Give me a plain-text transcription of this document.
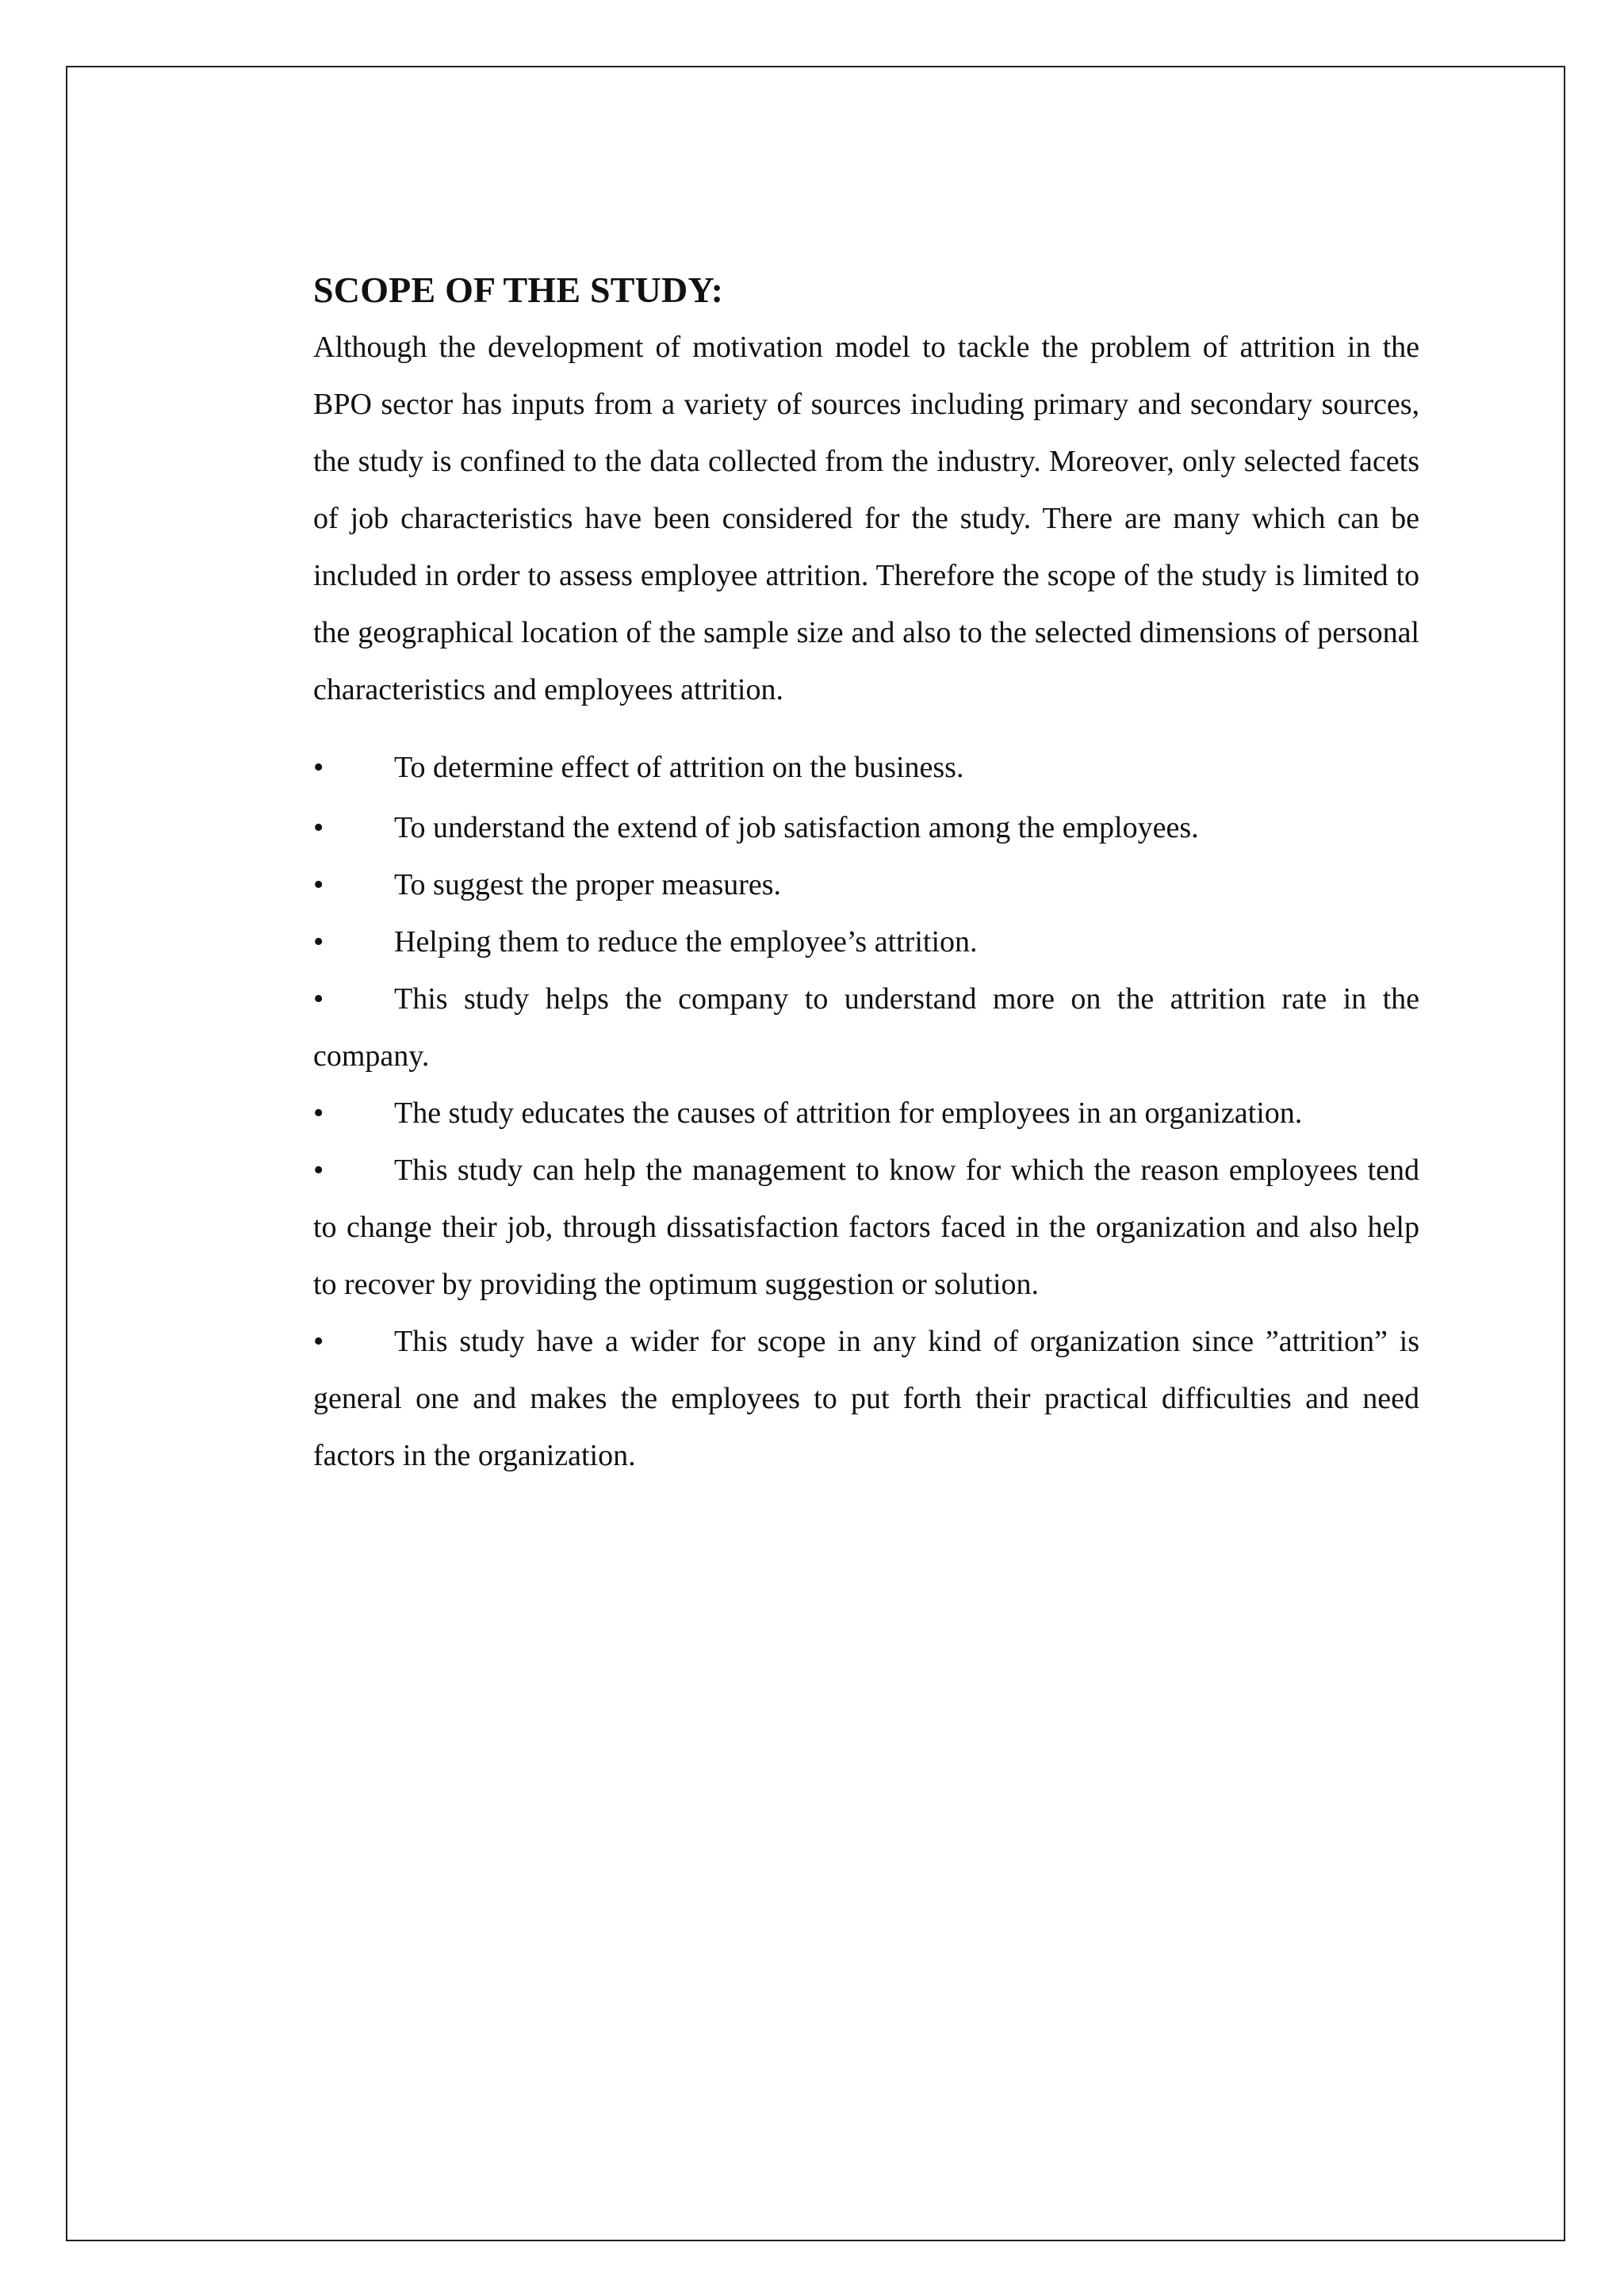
SCOPE OF THE STUDY:

Although the development of motivation model to tackle the problem of attrition in the BPO sector has inputs from a variety of sources including primary and secondary sources, the study is confined to the data collected from the industry. Moreover, only selected facets of job characteristics have been considered for the study. There are many which can be included in order to assess employee attrition. Therefore the scope of the study is limited to the geographical location of the sample size and also to the selected dimensions of personal characteristics and employees attrition.

• To determine effect of attrition on the business.
• To understand the extend of job satisfaction among the employees.
• To suggest the proper measures.
• Helping them to reduce the employee’s attrition.
• This study helps the company to understand more on the attrition rate in the company.
• The study educates the causes of attrition for employees in an organization.
• This study can help the management to know for which the reason employees tend to change their job, through dissatisfaction factors faced in the organization and also help to recover by providing the optimum suggestion or solution.
• This study have a wider for scope in any kind of organization since ”attrition” is general one and makes the employees to put forth their practical difficulties and need factors in the organization.
